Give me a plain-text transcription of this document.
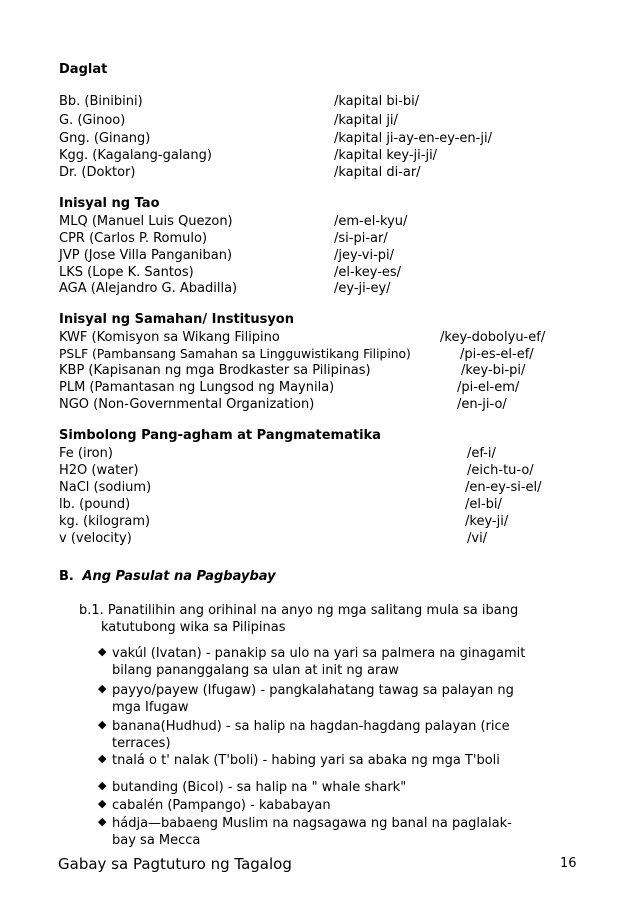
Daglat
Bb. (Binibini)	/kapital bi-bi/
G. (Ginoo)	/kapital ji/
Gng. (Ginang)	/kapital ji-ay-en-ey-en-ji/
Kgg. (Kagalang-galang)	/kapital key-ji-ji/
Dr. (Doktor)	/kapital di-ar/
Inisyal ng Tao
MLQ (Manuel Luis Quezon)	/em-el-kyu/
CPR (Carlos P. Romulo)	/si-pi-ar/
JVP (Jose Villa Panganiban)	/jey-vi-pi/
LKS (Lope K. Santos)	/el-key-es/
AGA (Alejandro G. Abadilla)	/ey-ji-ey/
Inisyal ng Samahan/ Institusyon
KWF (Komisyon sa Wikang Filipino	/key-dobolyu-ef/
PSLF (Pambansang Samahan sa Lingguwistikang Filipino)	/pi-es-el-ef/
KBP (Kapisanan ng mga Brodkaster sa Pilipinas)	/key-bi-pi/
PLM (Pamantasan ng Lungsod ng Maynila)	/pi-el-em/
NGO (Non-Governmental Organization)	/en-ji-o/
Simbolong Pang-agham at Pangmatematika
Fe (iron)	/ef-i/
H2O (water)	/eich-tu-o/
NaCl (sodium)	/en-ey-si-el/
lb. (pound)	/el-bi/
kg. (kilogram)	/key-ji/
v (velocity)	/vi/
B. Ang Pasulat na Pagbaybay
b.1. Panatilihin ang orihinal na anyo ng mga salitang mula sa ibang
katutubong wika sa Pilipinas
◆ vakúl (Ivatan) - panakip sa ulo na yari sa palmera na ginagamit
bilang pananggalang sa ulan at init ng araw
◆ payyo/payew (Ifugaw) - pangkalahatang tawag sa palayan ng
mga Ifugaw
◆ banana(Hudhud) - sa halip na hagdan-hagdang palayan (rice
terraces)
◆ tnalá o t' nalak (T'boli) - habing yari sa abaka ng mga T'boli
◆ butanding (Bicol) - sa halip na " whale shark"
◆ cabalén (Pampango) - kababayan
◆ hádja—babaeng Muslim na nagsagawa ng banal na paglalak-
bay sa Mecca
Gabay sa Pagtuturo ng Tagalog	16
